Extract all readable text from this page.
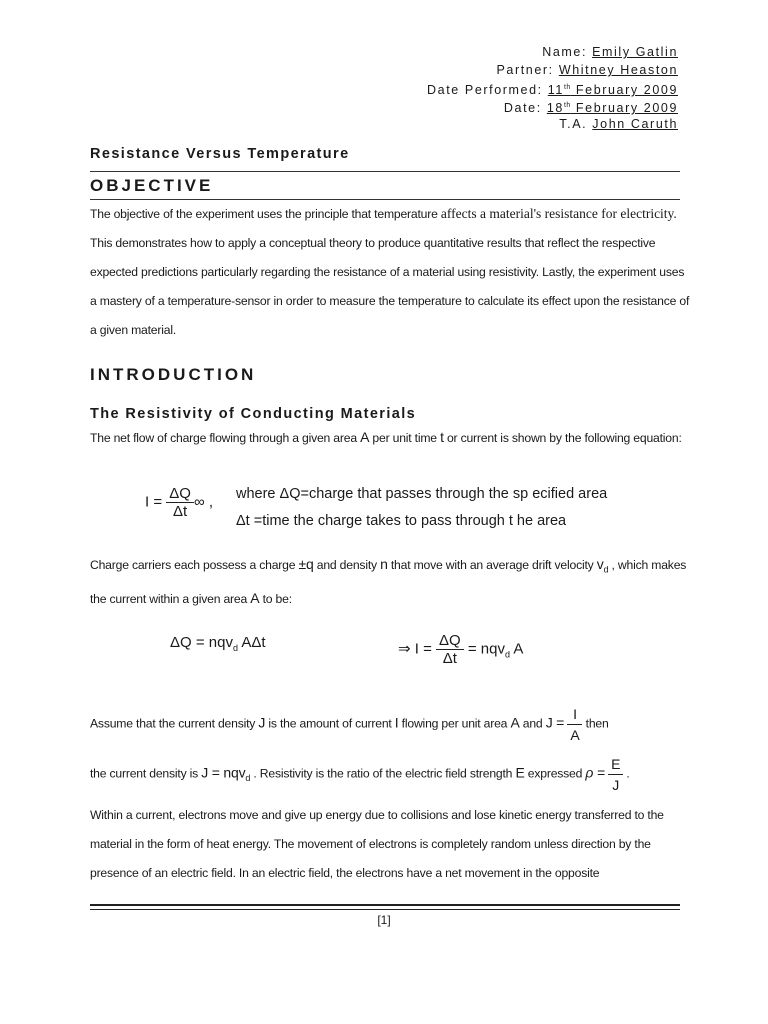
Name: Emily Gatlin
Partner: Whitney Heaston
Date Performed: 11th February 2009
Date: 18th February 2009
T.A. John Caruth
Resistance Versus Temperature
OBJECTIVE
The objective of the experiment uses the principle that temperature affects a material's resistance for electricity. This demonstrates how to apply a conceptual theory to produce quantitative results that reflect the respective expected predictions particularly regarding the resistance of a material using resistivity. Lastly, the experiment uses a mastery of a temperature-sensor in order to measure the temperature to calculate its effect upon the resistance of a given material.
INTRODUCTION
The Resistivity of Conducting Materials
The net flow of charge flowing through a given area A per unit time t or current is shown by the following equation:
$I = \frac{\Delta Q}{\Delta t}$ ∞ , where ΔQ=charge that passes through the sp ecified area
Δt =time the charge takes to pass through t he area
Charge carriers each possess a charge ±q and density n that move with an average drift velocity $v_d$ , which makes the current within a given area A to be:
ΔQ = nqv$_d$ AΔt	⇒ $I = \frac{\Delta Q}{\Delta t} = nqv_d$ A
Assume that the current density J is the amount of current I flowing per unit area A and $J = \frac{I}{A}$ then
the current density is J = nqv$_d$ . Resistivity is the ratio of the electric field strength E expressed $\rho = \frac{E}{J}$ .
Within a current, electrons move and give up energy due to collisions and lose kinetic energy transferred to the material in the form of heat energy. The movement of electrons is completely random unless direction by the presence of an electric field. In an electric field, the electrons have a net movement in the opposite
[1]
